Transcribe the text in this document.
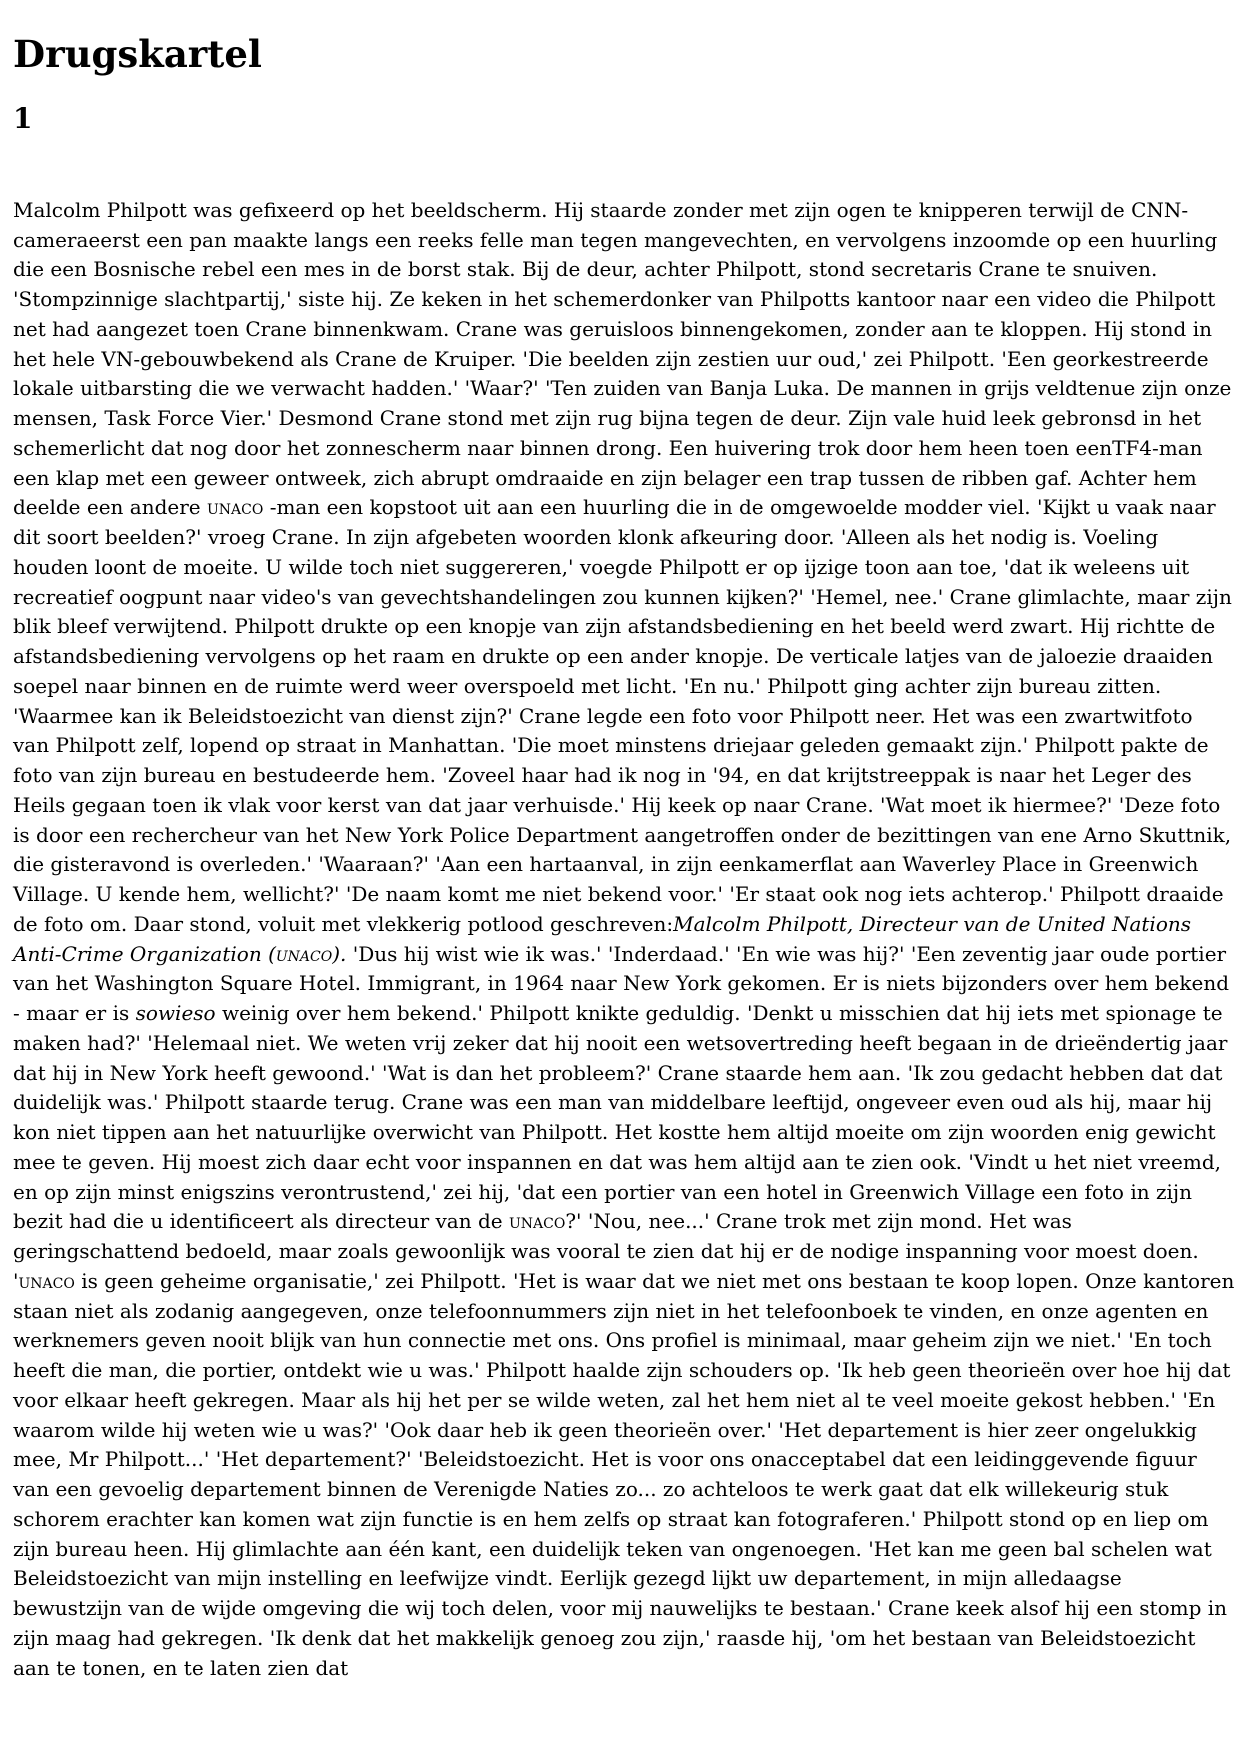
Drugskartel
1

Malcolm Philpott was gefixeerd op het beeldscherm. Hij staarde zonder met zijn ogen te knipperen terwijl de CNN-cameraeerst een pan maakte langs een reeks felle man tegen mangevechten, en vervolgens inzoomde op een huurling die een Bosnische rebel een mes in de borst stak. Bij de deur, achter Philpott, stond secretaris Crane te snuiven. 'Stompzinnige slachtpartij,' siste hij. Ze keken in het schemerdonker van Philpotts kantoor naar een video die Philpott net had aangezet toen Crane binnenkwam. Crane was geruisloos binnengekomen, zonder aan te kloppen. Hij stond in het hele VN-gebouwbekend als Crane de Kruiper. 'Die beelden zijn zestien uur oud,' zei Philpott. 'Een georkestreerde lokale uitbarsting die we verwacht hadden.' 'Waar?' 'Ten zuiden van Banja Luka. De mannen in grijs veldtenue zijn onze mensen, Task Force Vier.' Desmond Crane stond met zijn rug bijna tegen de deur. Zijn vale huid leek gebronsd in het schemerlicht dat nog door het zonnescherm naar binnen drong. Een huivering trok door hem heen toen eenTF4-man een klap met een geweer ontweek, zich abrupt omdraaide en zijn belager een trap tussen de ribben gaf. Achter hem deelde een andere unaco -man een kopstoot uit aan een huurling die in de omgewoelde modder viel. 'Kijkt u vaak naar dit soort beelden?' vroeg Crane. In zijn afgebeten woorden klonk afkeuring door. 'Alleen als het nodig is. Voeling houden loont de moeite. U wilde toch niet suggereren,' voegde Philpott er op ijzige toon aan toe, 'dat ik weleens uit recreatief oogpunt naar video's van gevechtshandelingen zou kunnen kijken?' 'Hemel, nee.' Crane glimlachte, maar zijn blik bleef verwijtend. Philpott drukte op een knopje van zijn afstandsbediening en het beeld werd zwart. Hij richtte de afstandsbediening vervolgens op het raam en drukte op een ander knopje. De verticale latjes van de jaloezie draaiden soepel naar binnen en de ruimte werd weer overspoeld met licht. 'En nu.' Philpott ging achter zijn bureau zitten. 'Waarmee kan ik Beleidstoezicht van dienst zijn?' Crane legde een foto voor Philpott neer. Het was een zwartwitfoto van Philpott zelf, lopend op straat in Manhattan. 'Die moet minstens driejaar geleden gemaakt zijn.' Philpott pakte de foto van zijn bureau en bestudeerde hem. 'Zoveel haar had ik nog in '94, en dat krijtstreeppak is naar het Leger des Heils gegaan toen ik vlak voor kerst van dat jaar verhuisde.' Hij keek op naar Crane. 'Wat moet ik hiermee?' 'Deze foto is door een rechercheur van het New York Police Department aangetroffen onder de bezittingen van ene Arno Skuttnik, die gisteravond is overleden.' 'Waaraan?' 'Aan een hartaanval, in zijn eenkamerflat aan Waverley Place in Greenwich Village. U kende hem, wellicht?' 'De naam komt me niet bekend voor.' 'Er staat ook nog iets achterop.' Philpott draaide de foto om. Daar stond, voluit met vlekkerig potlood geschreven:Malcolm Philpott, Directeur van de United Nations Anti-Crime Organization (unaco). 'Dus hij wist wie ik was.' 'Inderdaad.' 'En wie was hij?' 'Een zeventig jaar oude portier van het Washington Square Hotel. Immigrant, in 1964 naar New York gekomen. Er is niets bijzonders over hem bekend - maar er is sowieso weinig over hem bekend.' Philpott knikte geduldig. 'Denkt u misschien dat hij iets met spionage te maken had?' 'Helemaal niet. We weten vrij zeker dat hij nooit een wetsovertreding heeft begaan in de drieëndertig jaar dat hij in New York heeft gewoond.' 'Wat is dan het probleem?' Crane staarde hem aan. 'Ik zou gedacht hebben dat dat duidelijk was.' Philpott staarde terug. Crane was een man van middelbare leeftijd, ongeveer even oud als hij, maar hij kon niet tippen aan het natuurlijke overwicht van Philpott. Het kostte hem altijd moeite om zijn woorden enig gewicht mee te geven. Hij moest zich daar echt voor inspannen en dat was hem altijd aan te zien ook. 'Vindt u het niet vreemd, en op zijn minst enigszins verontrustend,' zei hij, 'dat een portier van een hotel in Greenwich Village een foto in zijn bezit had die u identificeert als directeur van de unaco?' 'Nou, nee...' Crane trok met zijn mond. Het was geringschattend bedoeld, maar zoals gewoonlijk was vooral te zien dat hij er de nodige inspanning voor moest doen. 'unaco is geen geheime organisatie,' zei Philpott. 'Het is waar dat we niet met ons bestaan te koop lopen. Onze kantoren staan niet als zodanig aangegeven, onze telefoonnummers zijn niet in het telefoonboek te vinden, en onze agenten en werknemers geven nooit blijk van hun connectie met ons. Ons profiel is minimaal, maar geheim zijn we niet.' 'En toch heeft die man, die portier, ontdekt wie u was.' Philpott haalde zijn schouders op. 'Ik heb geen theorieën over hoe hij dat voor elkaar heeft gekregen. Maar als hij het per se wilde weten, zal het hem niet al te veel moeite gekost hebben.' 'En waarom wilde hij weten wie u was?' 'Ook daar heb ik geen theorieën over.' 'Het departement is hier zeer ongelukkig mee, Mr Philpott...' 'Het departement?' 'Beleidstoezicht. Het is voor ons onacceptabel dat een leidinggevende figuur van een gevoelig departement binnen de Verenigde Naties zo... zo achteloos te werk gaat dat elk willekeurig stuk schorem erachter kan komen wat zijn functie is en hem zelfs op straat kan fotograferen.' Philpott stond op en liep om zijn bureau heen. Hij glimlachte aan één kant, een duidelijk teken van ongenoegen. 'Het kan me geen bal schelen wat Beleidstoezicht van mijn instelling en leefwijze vindt. Eerlijk gezegd lijkt uw departement, in mijn alledaagse bewustzijn van de wijde omgeving die wij toch delen, voor mij nauwelijks te bestaan.' Crane keek alsof hij een stomp in zijn maag had gekregen. 'Ik denk dat het makkelijk genoeg zou zijn,' raasde hij, 'om het bestaan van Beleidstoezicht aan te tonen, en te laten zien dat
